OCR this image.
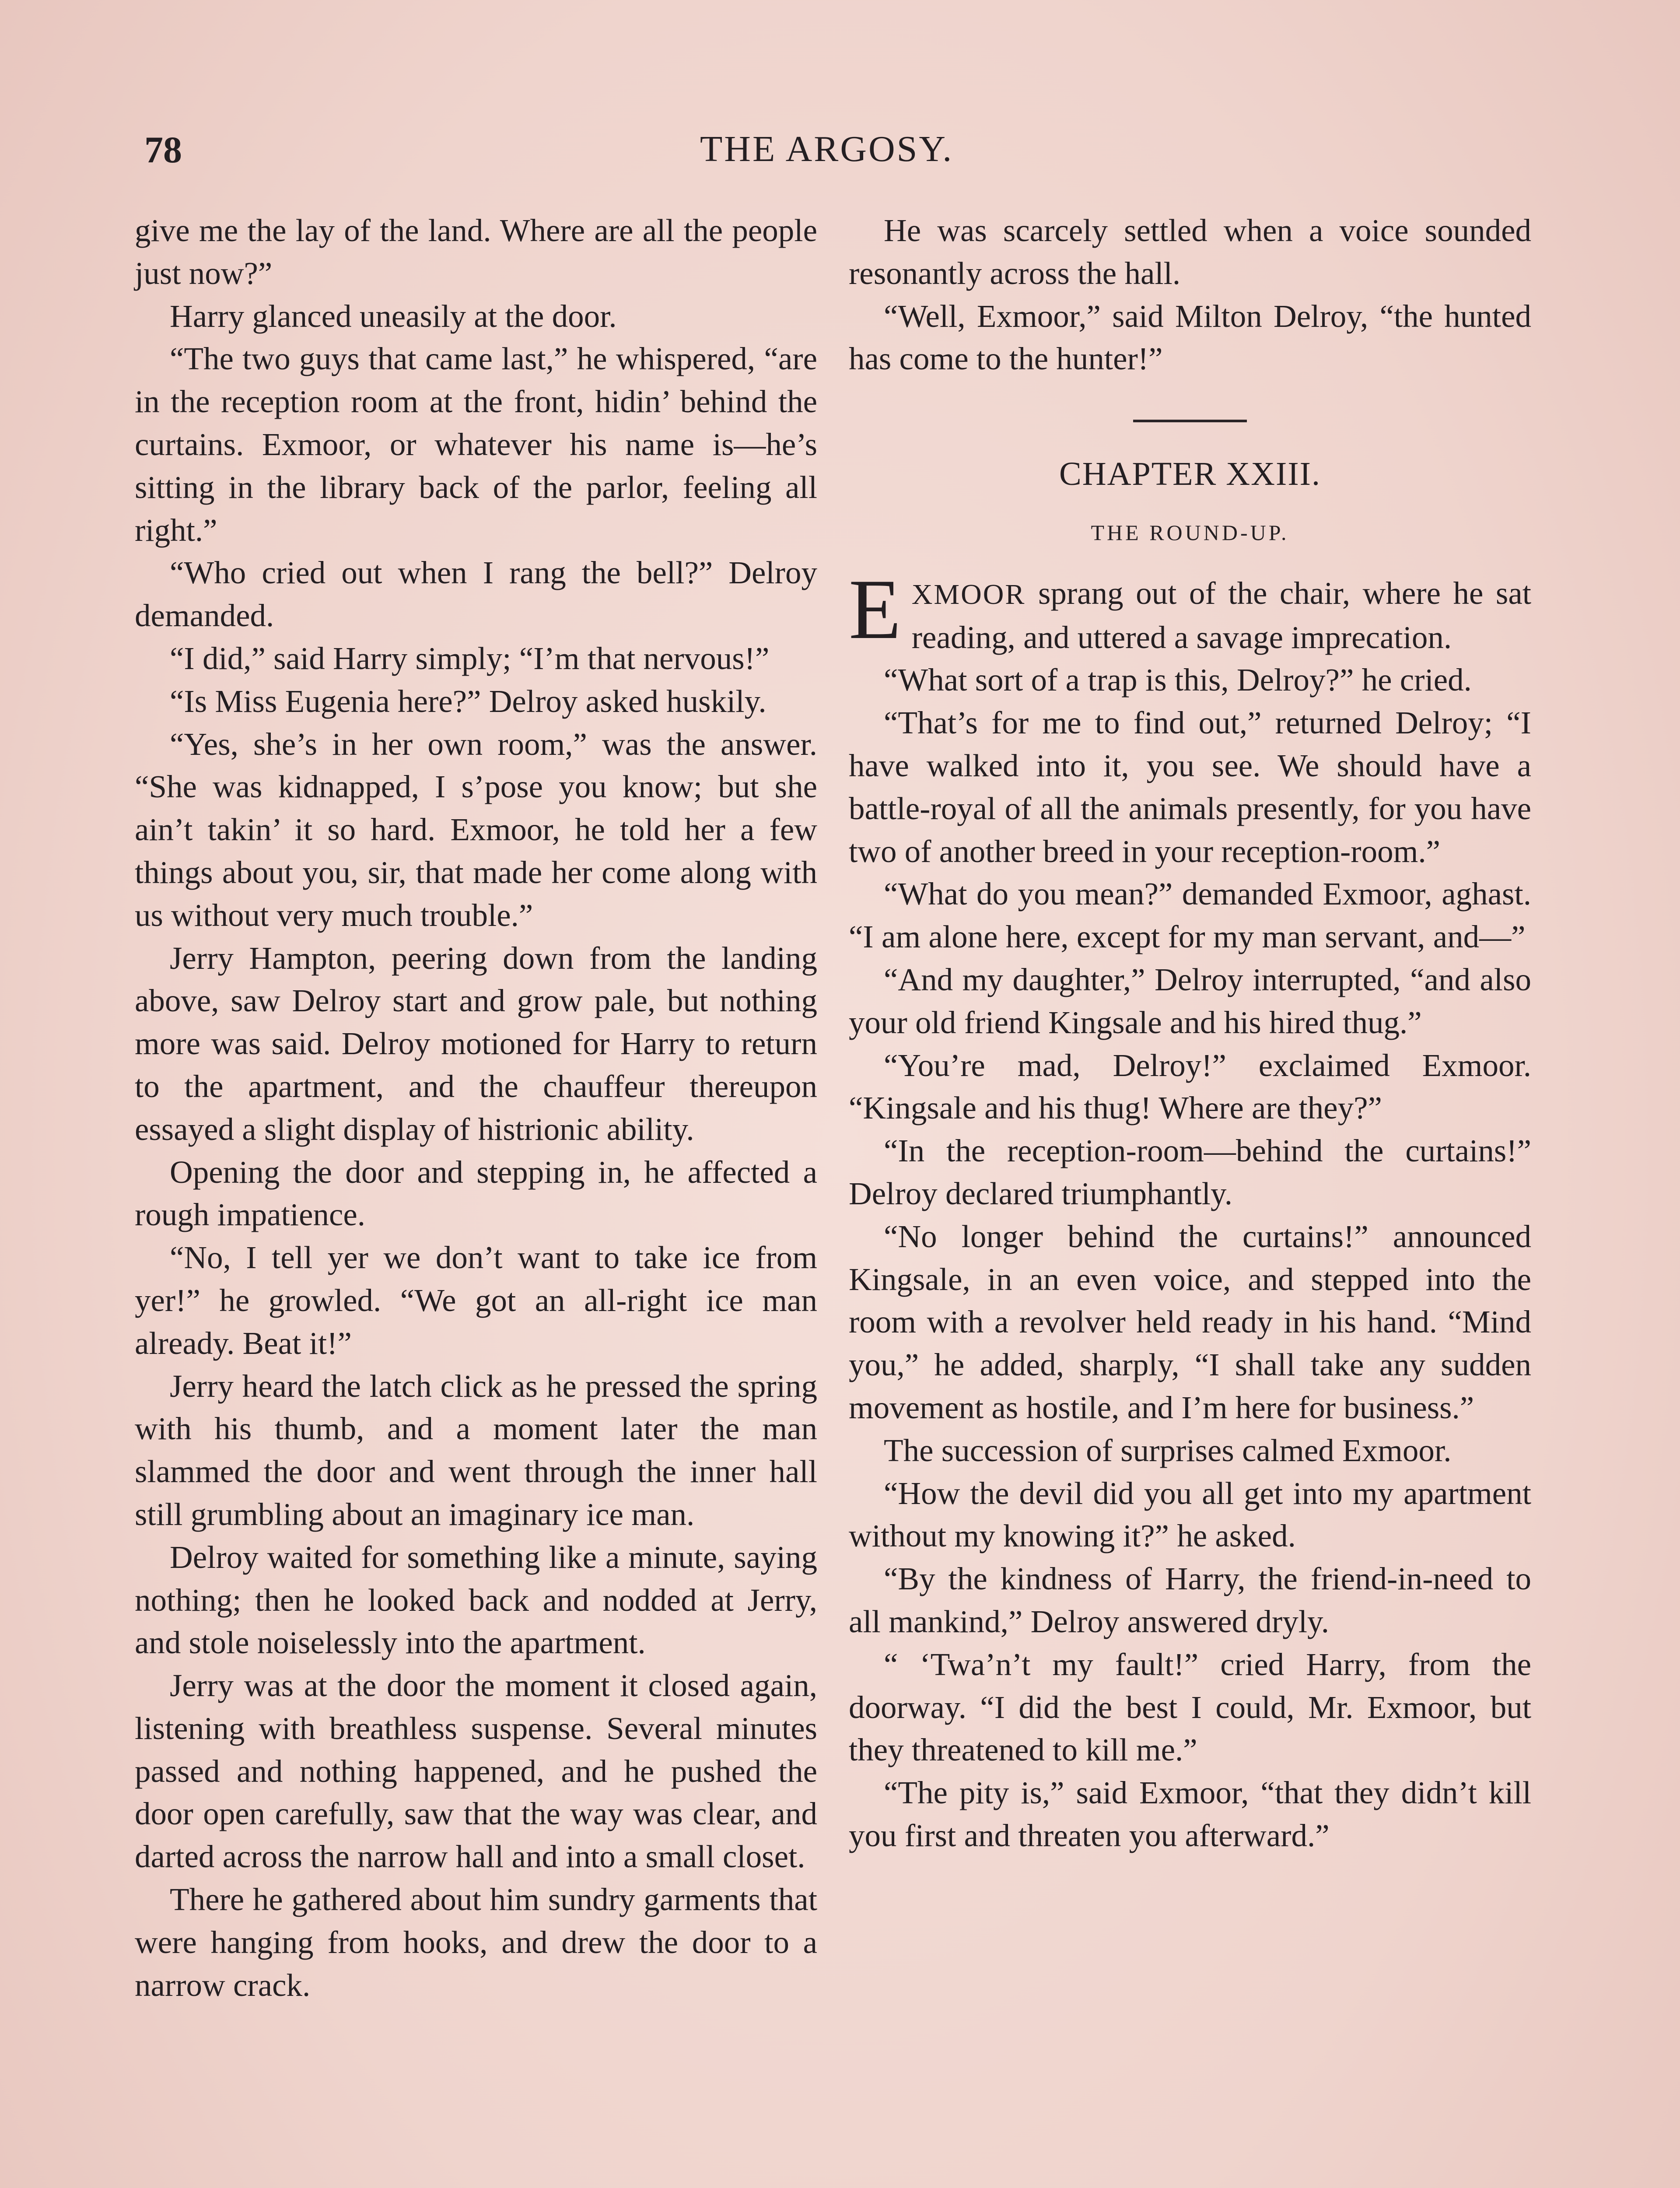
78	THE ARGOSY.

give me the lay of the land. Where are all the people just now?”

Harry glanced uneasily at the door.

“The two guys that came last,” he whispered, “are in the reception room at the front, hidin’ behind the curtains. Exmoor, or whatever his name is—he’s sitting in the library back of the parlor, feeling all right.”

“Who cried out when I rang the bell?” Delroy demanded.

“I did,” said Harry simply; “I’m that nervous!”

“Is Miss Eugenia here?” Delroy asked huskily.

“Yes, she’s in her own room,” was the answer. “She was kidnapped, I s’pose you know; but she ain’t takin’ it so hard. Exmoor, he told her a few things about you, sir, that made her come along with us without very much trouble.”

Jerry Hampton, peering down from the landing above, saw Delroy start and grow pale, but nothing more was said. Delroy motioned for Harry to return to the apartment, and the chauffeur thereupon essayed a slight display of histrionic ability.

Opening the door and stepping in, he affected a rough impatience.

“No, I tell yer we don’t want to take ice from yer!” he growled. “We got an all-right ice man already. Beat it!”

Jerry heard the latch click as he pressed the spring with his thumb, and a moment later the man slammed the door and went through the inner hall still grumbling about an imaginary ice man.

Delroy waited for something like a minute, saying nothing; then he looked back and nodded at Jerry, and stole noiselessly into the apartment.

Jerry was at the door the moment it closed again, listening with breathless suspense. Several minutes passed and nothing happened, and he pushed the door open carefully, saw that the way was clear, and darted across the narrow hall and into a small closet.

There he gathered about him sundry garments that were hanging from hooks, and drew the door to a narrow crack.

He was scarcely settled when a voice sounded resonantly across the hall.

“Well, Exmoor,” said Milton Delroy, “the hunted has come to the hunter!”

CHAPTER XXIII.
THE ROUND-UP.

EXMOOR sprang out of the chair, where he sat reading, and uttered a savage imprecation.

“What sort of a trap is this, Delroy?” he cried.

“That’s for me to find out,” returned Delroy; “I have walked into it, you see. We should have a battle-royal of all the animals presently, for you have two of another breed in your reception-room.”

“What do you mean?” demanded Exmoor, aghast. “I am alone here, except for my man servant, and—”

“And my daughter,” Delroy interrupted, “and also your old friend Kingsale and his hired thug.”

“You’re mad, Delroy!” exclaimed Exmoor. “Kingsale and his thug! Where are they?”

“In the reception-room—behind the curtains!” Delroy declared triumphantly.

“No longer behind the curtains!” announced Kingsale, in an even voice, and stepped into the room with a revolver held ready in his hand. “Mind you,” he added, sharply, “I shall take any sudden movement as hostile, and I’m here for business.”

The succession of surprises calmed Exmoor.

“How the devil did you all get into my apartment without my knowing it?” he asked.

“By the kindness of Harry, the friend-in-need to all mankind,” Delroy answered dryly.

“ ‘Twa’n’t my fault!” cried Harry, from the doorway. “I did the best I could, Mr. Exmoor, but they threatened to kill me.”

“The pity is,” said Exmoor, “that they didn’t kill you first and threaten you afterward.”
